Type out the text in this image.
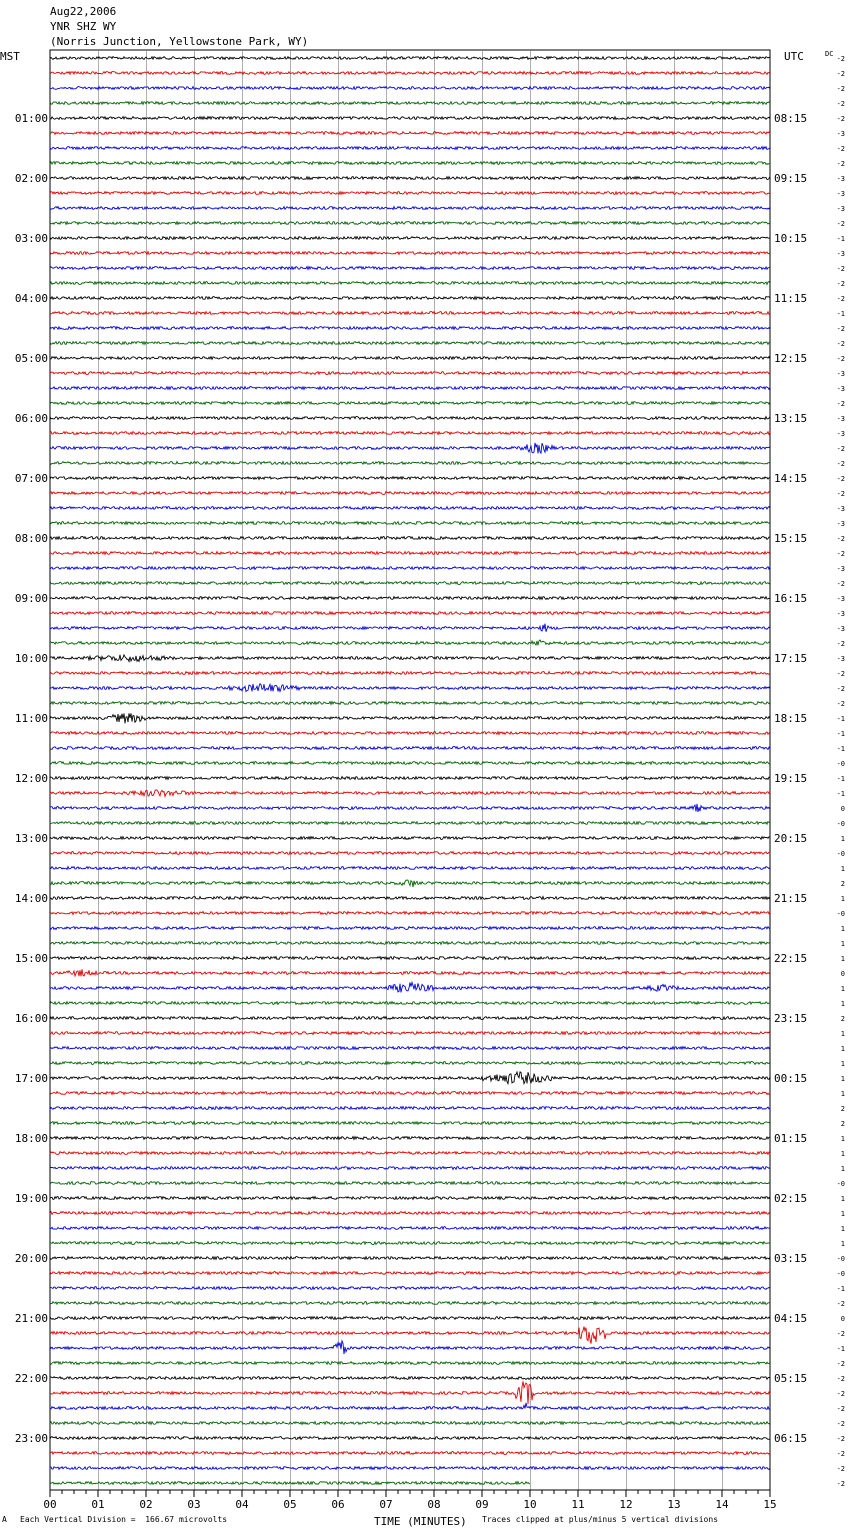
00	01	02	03	04	05	06	07	08	09	10	11	12	13	14	15
-2
-2
-2
-2
-2
-3
-2
-2
-3
-3
-3
-2
-1
-3
-2
-2
-2
-1
-2
-2
-2
-3
-3
-2
-3
-3
-2
-2
-2
-2
-3
-3
-2
-2
-3
-2
-3
-3
-3
-2
-3
-2
-2
-2
-1
-1
-1
-0
-1
-1
0
-0
1
-0
1
2
1
-0
1
1
1
0
1
1
2
1
1
1
1
1
2
2
1
1
1
-0
1
1
1
1
-0
-0
-1
-2
0
-2
-1
-2
-2
-2
-2
-2
-2
-2
-2
-2
01:00
02:00
03:00
04:00
05:00
06:00
07:00
08:00
09:00
10:00
11:00
12:00
13:00
14:00
15:00
16:00
17:00
18:00
19:00
20:00
21:00
22:00
23:00
08:15
09:15
10:15
11:15
12:15
13:15
14:15
15:15
16:15
17:15
18:15
19:15
20:15
21:15
22:15
23:15
00:15
01:15
02:15
03:15
04:15
05:15
06:15
Aug22,2006
YNR SHZ WY
(Norris Junction, Yellowstone Park, WY)
MST	UTC	DC
A Each Vertical Division =  166.67 microvolts	TIME (MINUTES) Traces clipped at plus/minus 5 vertical divisions
